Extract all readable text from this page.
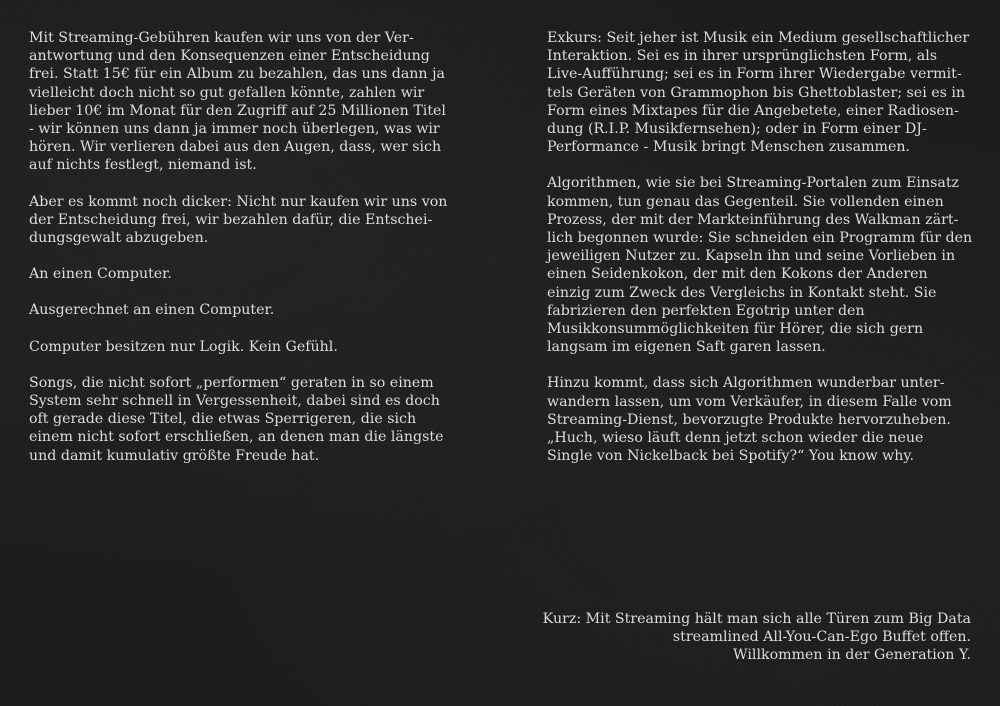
Mit Streaming-Gebühren kaufen wir uns von der Verantwortung und den Konsequenzen einer Entscheidung frei. Statt 15€ für ein Album zu bezahlen, das uns dann ja vielleicht doch nicht so gut gefallen könnte, zahlen wir lieber 10€ im Monat für den Zugriff auf 25 Millionen Titel - wir können uns dann ja immer noch überlegen, was wir hören. Wir verlieren dabei aus den Augen, dass, wer sich auf nichts festlegt, niemand ist.

Aber es kommt noch dicker: Nicht nur kaufen wir uns von der Entscheidung frei, wir bezahlen dafür, die Entscheidungsgewalt abzugeben.

An einen Computer.

Ausgerechnet an einen Computer.

Computer besitzen nur Logik. Kein Gefühl.

Songs, die nicht sofort „performen“ geraten in so einem System sehr schnell in Vergessenheit, dabei sind es doch oft gerade diese Titel, die etwas Sperrigeren, die sich einem nicht sofort erschließen, an denen man die längste und damit kumulativ größte Freude hat.

Exkurs: Seit jeher ist Musik ein Medium gesellschaftlicher Interaktion. Sei es in ihrer ursprünglichsten Form, als Live-Aufführung; sei es in Form ihrer Wiedergabe vermittels Geräten von Grammophon bis Ghettoblaster; sei es in Form eines Mixtapes für die Angebetete, einer Radiosendung (R.I.P. Musikfernsehen); oder in Form einer DJ-Performance - Musik bringt Menschen zusammen.

Algorithmen, wie sie bei Streaming-Portalen zum Einsatz kommen, tun genau das Gegenteil. Sie vollenden einen Prozess, der mit der Markteinführung des Walkman zärtlich begonnen wurde: Sie schneiden ein Programm für den jeweiligen Nutzer zu. Kapseln ihn und seine Vorlieben in einen Seidenkokon, der mit den Kokons der Anderen einzig zum Zweck des Vergleichs in Kontakt steht. Sie fabrizieren den perfekten Egotrip unter den Musikkonsummöglichkeiten für Hörer, die sich gern langsam im eigenen Saft garen lassen.

Hinzu kommt, dass sich Algorithmen wunderbar unterwandern lassen, um vom Verkäufer, in diesem Falle vom Streaming-Dienst, bevorzugte Produkte hervorzuheben. „Huch, wieso läuft denn jetzt schon wieder die neue Single von Nickelback bei Spotify?“ You know why.

Kurz: Mit Streaming hält man sich alle Türen zum Big Data
streamlined All-You-Can-Ego Buffet offen.
Willkommen in der Generation Y.
